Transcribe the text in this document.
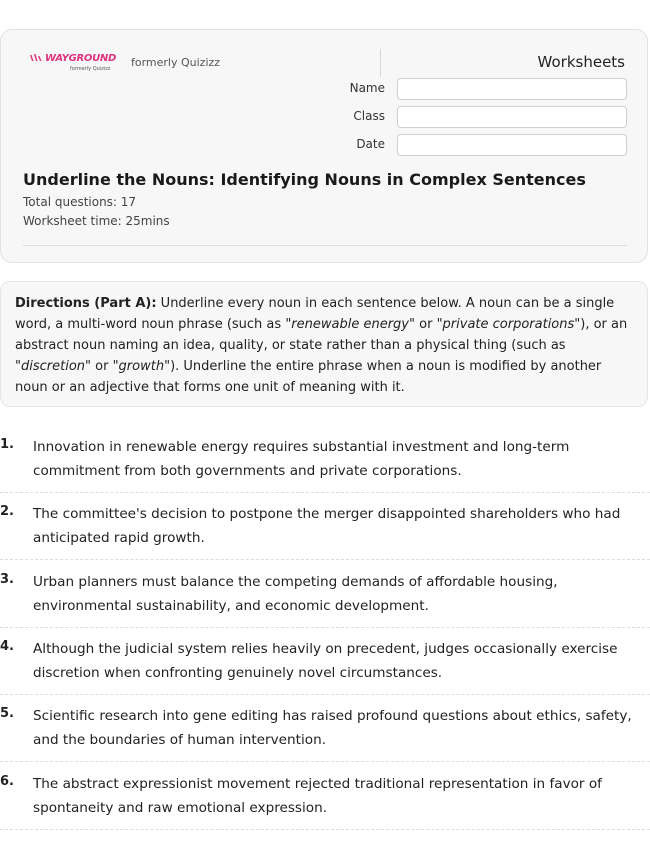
WAYGROUND
formerly Quizizz formerly Quizizz	Worksheets
Name
Class
Date
Underline the Nouns: Identifying Nouns in Complex Sentences
Total questions: 17
Worksheet time: 25mins
Directions (Part A): Underline every noun in each sentence below. A noun can be a single word, a multi-word noun phrase (such as "renewable energy" or "private corporations"), or an abstract noun naming an idea, quality, or state rather than a physical thing (such as "discretion" or "growth"). Underline the entire phrase when a noun is modified by another noun or an adjective that forms one unit of meaning with it.
1. Innovation in renewable energy requires substantial investment and long-term commitment from both governments and private corporations.
2. The committee's decision to postpone the merger disappointed shareholders who had anticipated rapid growth.
3. Urban planners must balance the competing demands of affordable housing, environmental sustainability, and economic development.
4. Although the judicial system relies heavily on precedent, judges occasionally exercise discretion when confronting genuinely novel circumstances.
5. Scientific research into gene editing has raised profound questions about ethics, safety, and the boundaries of human intervention.
6. The abstract expressionist movement rejected traditional representation in favor of spontaneity and raw emotional expression.
